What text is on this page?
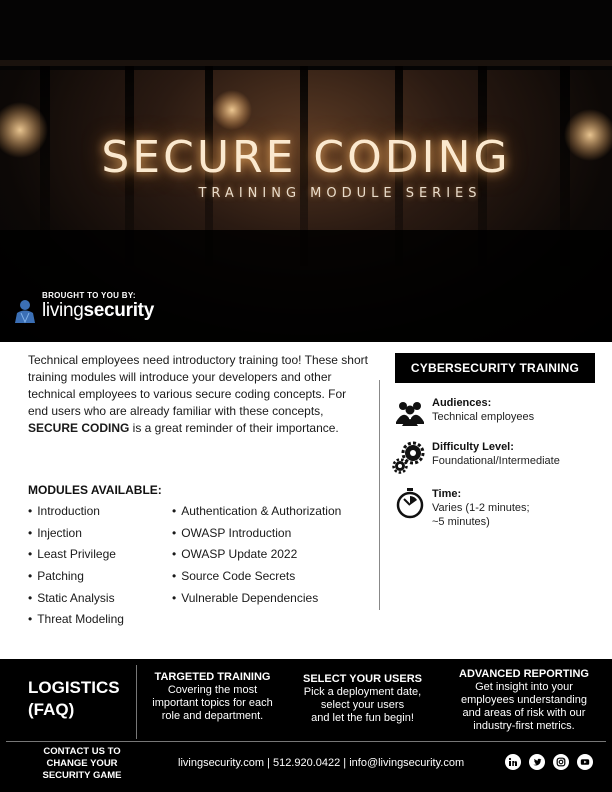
SECURE CODING
TRAINING MODULE SERIES
BROUGHT TO YOU BY:
livingsecurity

Technical employees need introductory training too! These short training modules will introduce your developers and other technical employees to various secure coding concepts. For end users who are already familiar with these concepts, SECURE CODING is a great reminder of their importance.

MODULES AVAILABLE:
• Introduction
• Injection
• Least Privilege
• Patching
• Static Analysis
• Threat Modeling
• Authentication & Authorization
• OWASP Introduction
• OWASP Update 2022
• Source Code Secrets
• Vulnerable Dependencies
CYBERSECURITY TRAINING
Audiences:
Technical employees
Difficulty Level:
Foundational/Intermediate
Time:
Varies (1-2 minutes;
~5 minutes)
LOGISTICS
(FAQ)
TARGETED TRAINING
Covering the most
important topics for each
role and department.
SELECT YOUR USERS
Pick a deployment date,
select your users
and let the fun begin!
ADVANCED REPORTING
Get insight into your
employees understanding
and areas of risk with our
industry-first metrics.
CONTACT US TO
CHANGE YOUR
SECURITY GAME
livingsecurity.com | 512.920.0422 | info@livingsecurity.com
